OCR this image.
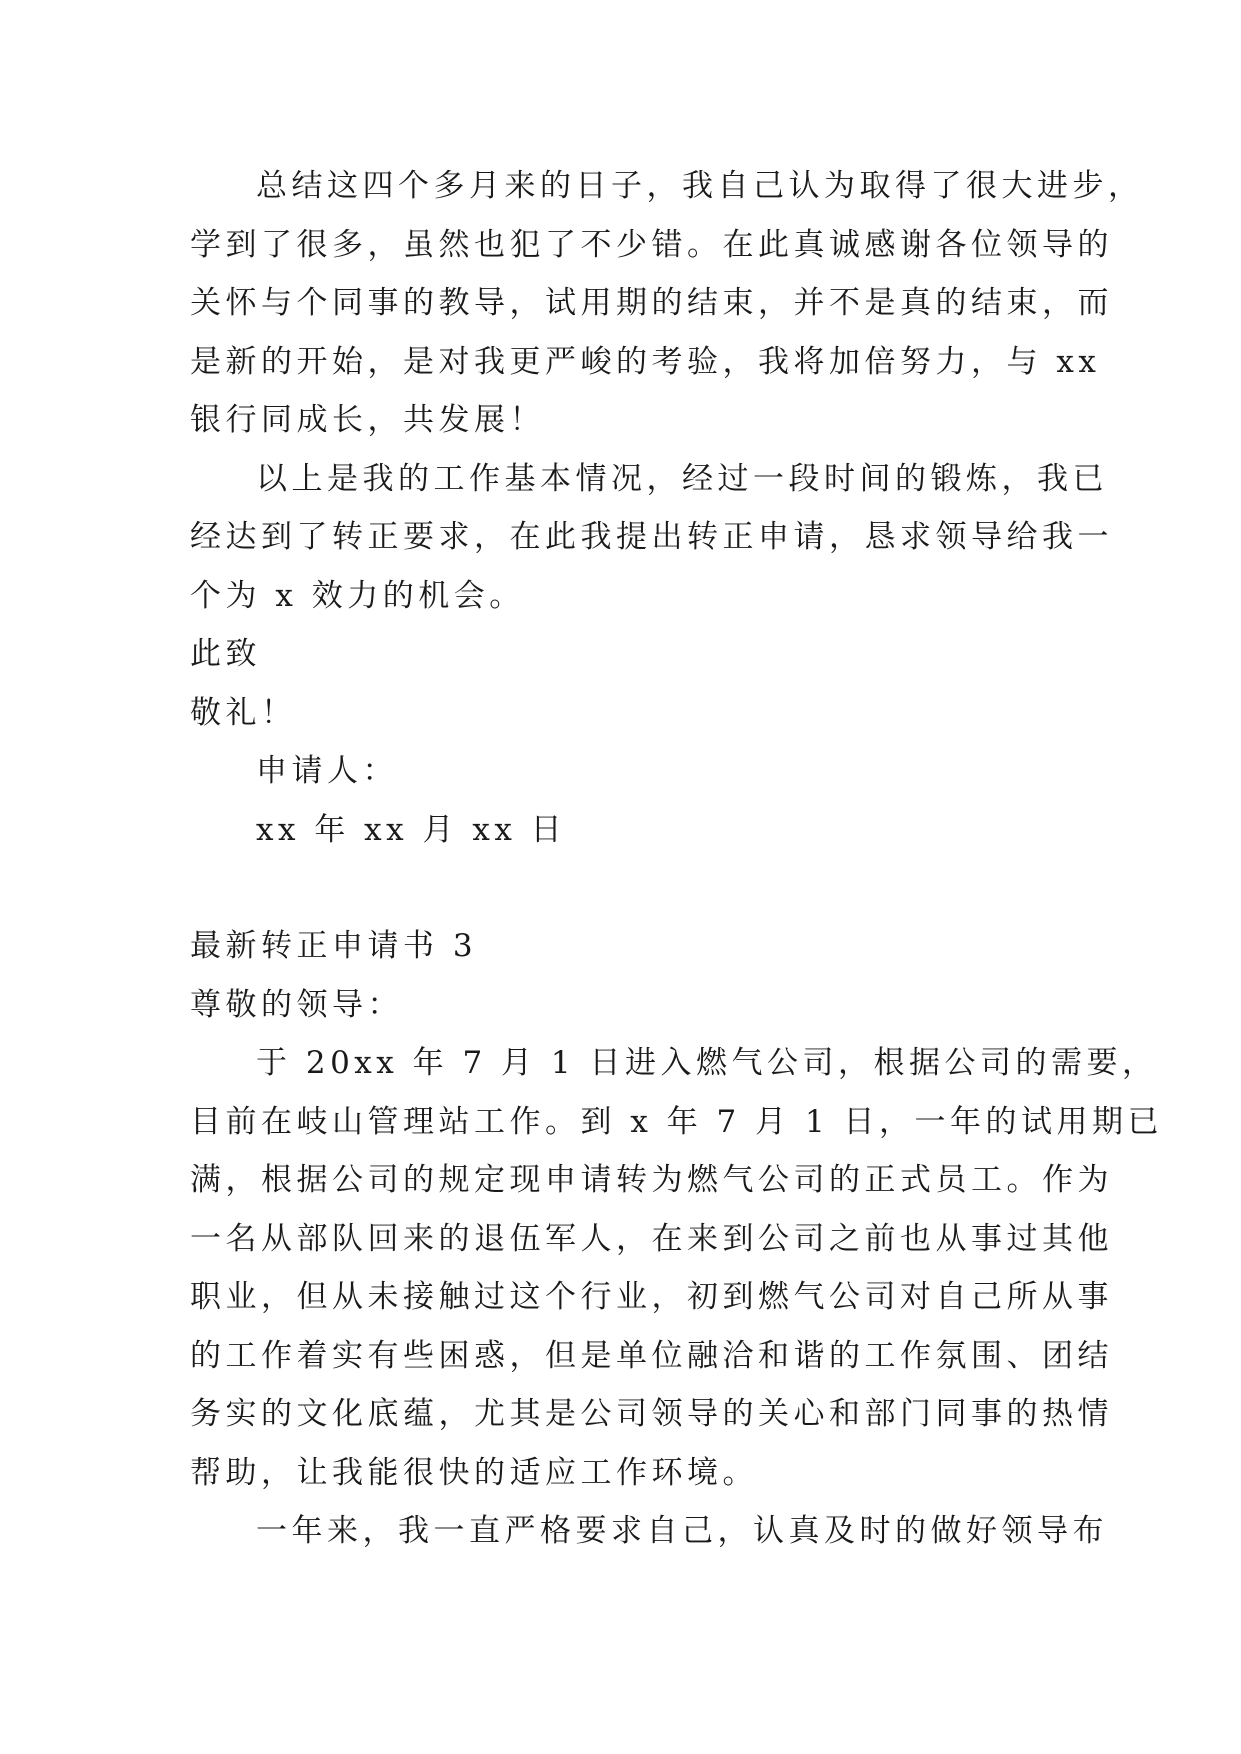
总结这四个多月来的日子，我自己认为取得了很大进步，
学到了很多，虽然也犯了不少错。在此真诚感谢各位领导的
关怀与个同事的教导，试用期的结束，并不是真的结束，而
是新的开始，是对我更严峻的考验，我将加倍努力，与 xx
银行同成长，共发展！
以上是我的工作基本情况，经过一段时间的锻炼，我已
经达到了转正要求，在此我提出转正申请，恳求领导给我一
个为 x 效力的机会。
此致
敬礼！
申请人：
xx 年 xx 月 xx 日
最新转正申请书 3
尊敬的领导：
于 20xx 年 7 月 1 日进入燃气公司，根据公司的需要，
目前在岐山管理站工作。到 x 年 7 月 1 日，一年的试用期已
满，根据公司的规定现申请转为燃气公司的正式员工。作为
一名从部队回来的退伍军人，在来到公司之前也从事过其他
职业，但从未接触过这个行业，初到燃气公司对自己所从事
的工作着实有些困惑，但是单位融洽和谐的工作氛围、团结
务实的文化底蕴，尤其是公司领导的关心和部门同事的热情
帮助，让我能很快的适应工作环境。
一年来，我一直严格要求自己，认真及时的做好领导布
